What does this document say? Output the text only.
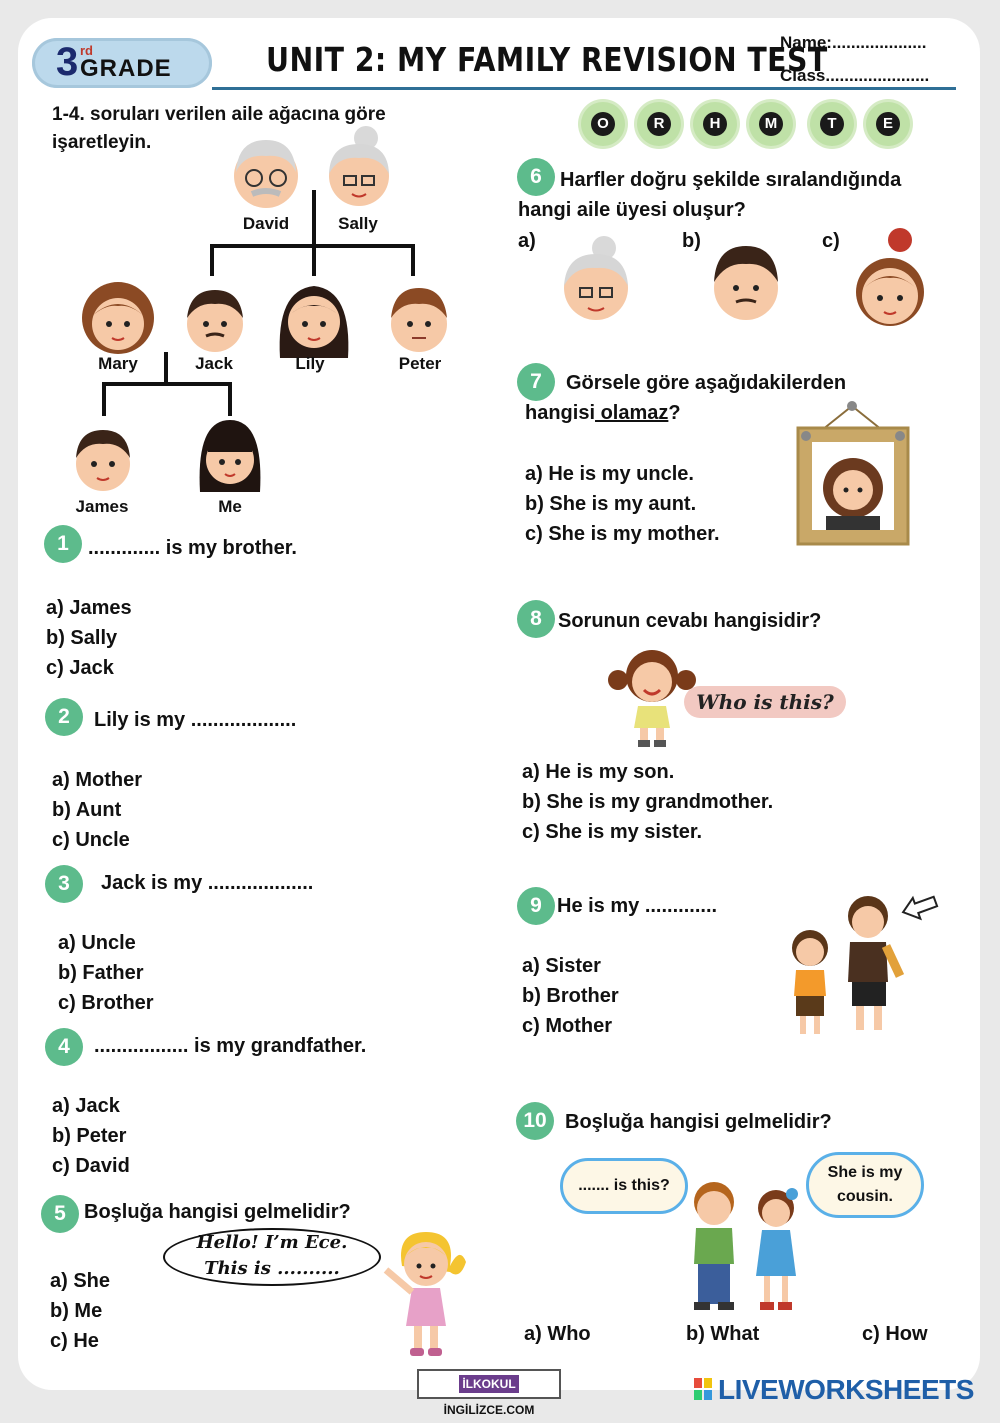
3 rd
GRADE	UNIT 2: MY FAMILY REVISION TEST
Name:....................
Class......................
1-4. soruları verilen aile ağacına göre işaretleyin.
David	Sally
Mary	Jack	Lily	Peter
James	Me
1 ............. is my brother.
a) James
b) Sally
c) Jack
2	Lily is my ...................
a) Mother
b) Aunt
c) Uncle
3	Jack is my ...................
a) Uncle
b) Father
c) Brother
4	................. is my grandfather.
a) Jack
b) Peter
c) David
5 Boşluğa hangisi gelmelidir?
Hello! I’m Ece.
This is ..........
a) She
b) Me
c) He
O	R	H	M	T	E
6 Harfler doğru şekilde sıralandığında
hangi aile üyesi oluşur?
a)	b)	c)
7	Görsele göre aşağıdakilerden
hangisi olamaz?
a) He is my uncle.
b) She is my aunt.
c) She is my mother.
8 Sorunun cevabı hangisidir?
Who is this?
a) He is my son.
b) She is my grandmother.
c) She is my sister.
9 He is my .............
a) Sister
b) Brother
c) Mother
10 Boşluğa hangisi gelmelidir?
....... is this?
She is my
cousin.
a) Who	b) What	c) How
İLKOKUL İNGİLİZCE.COM
LIVEWORKSHEETS
